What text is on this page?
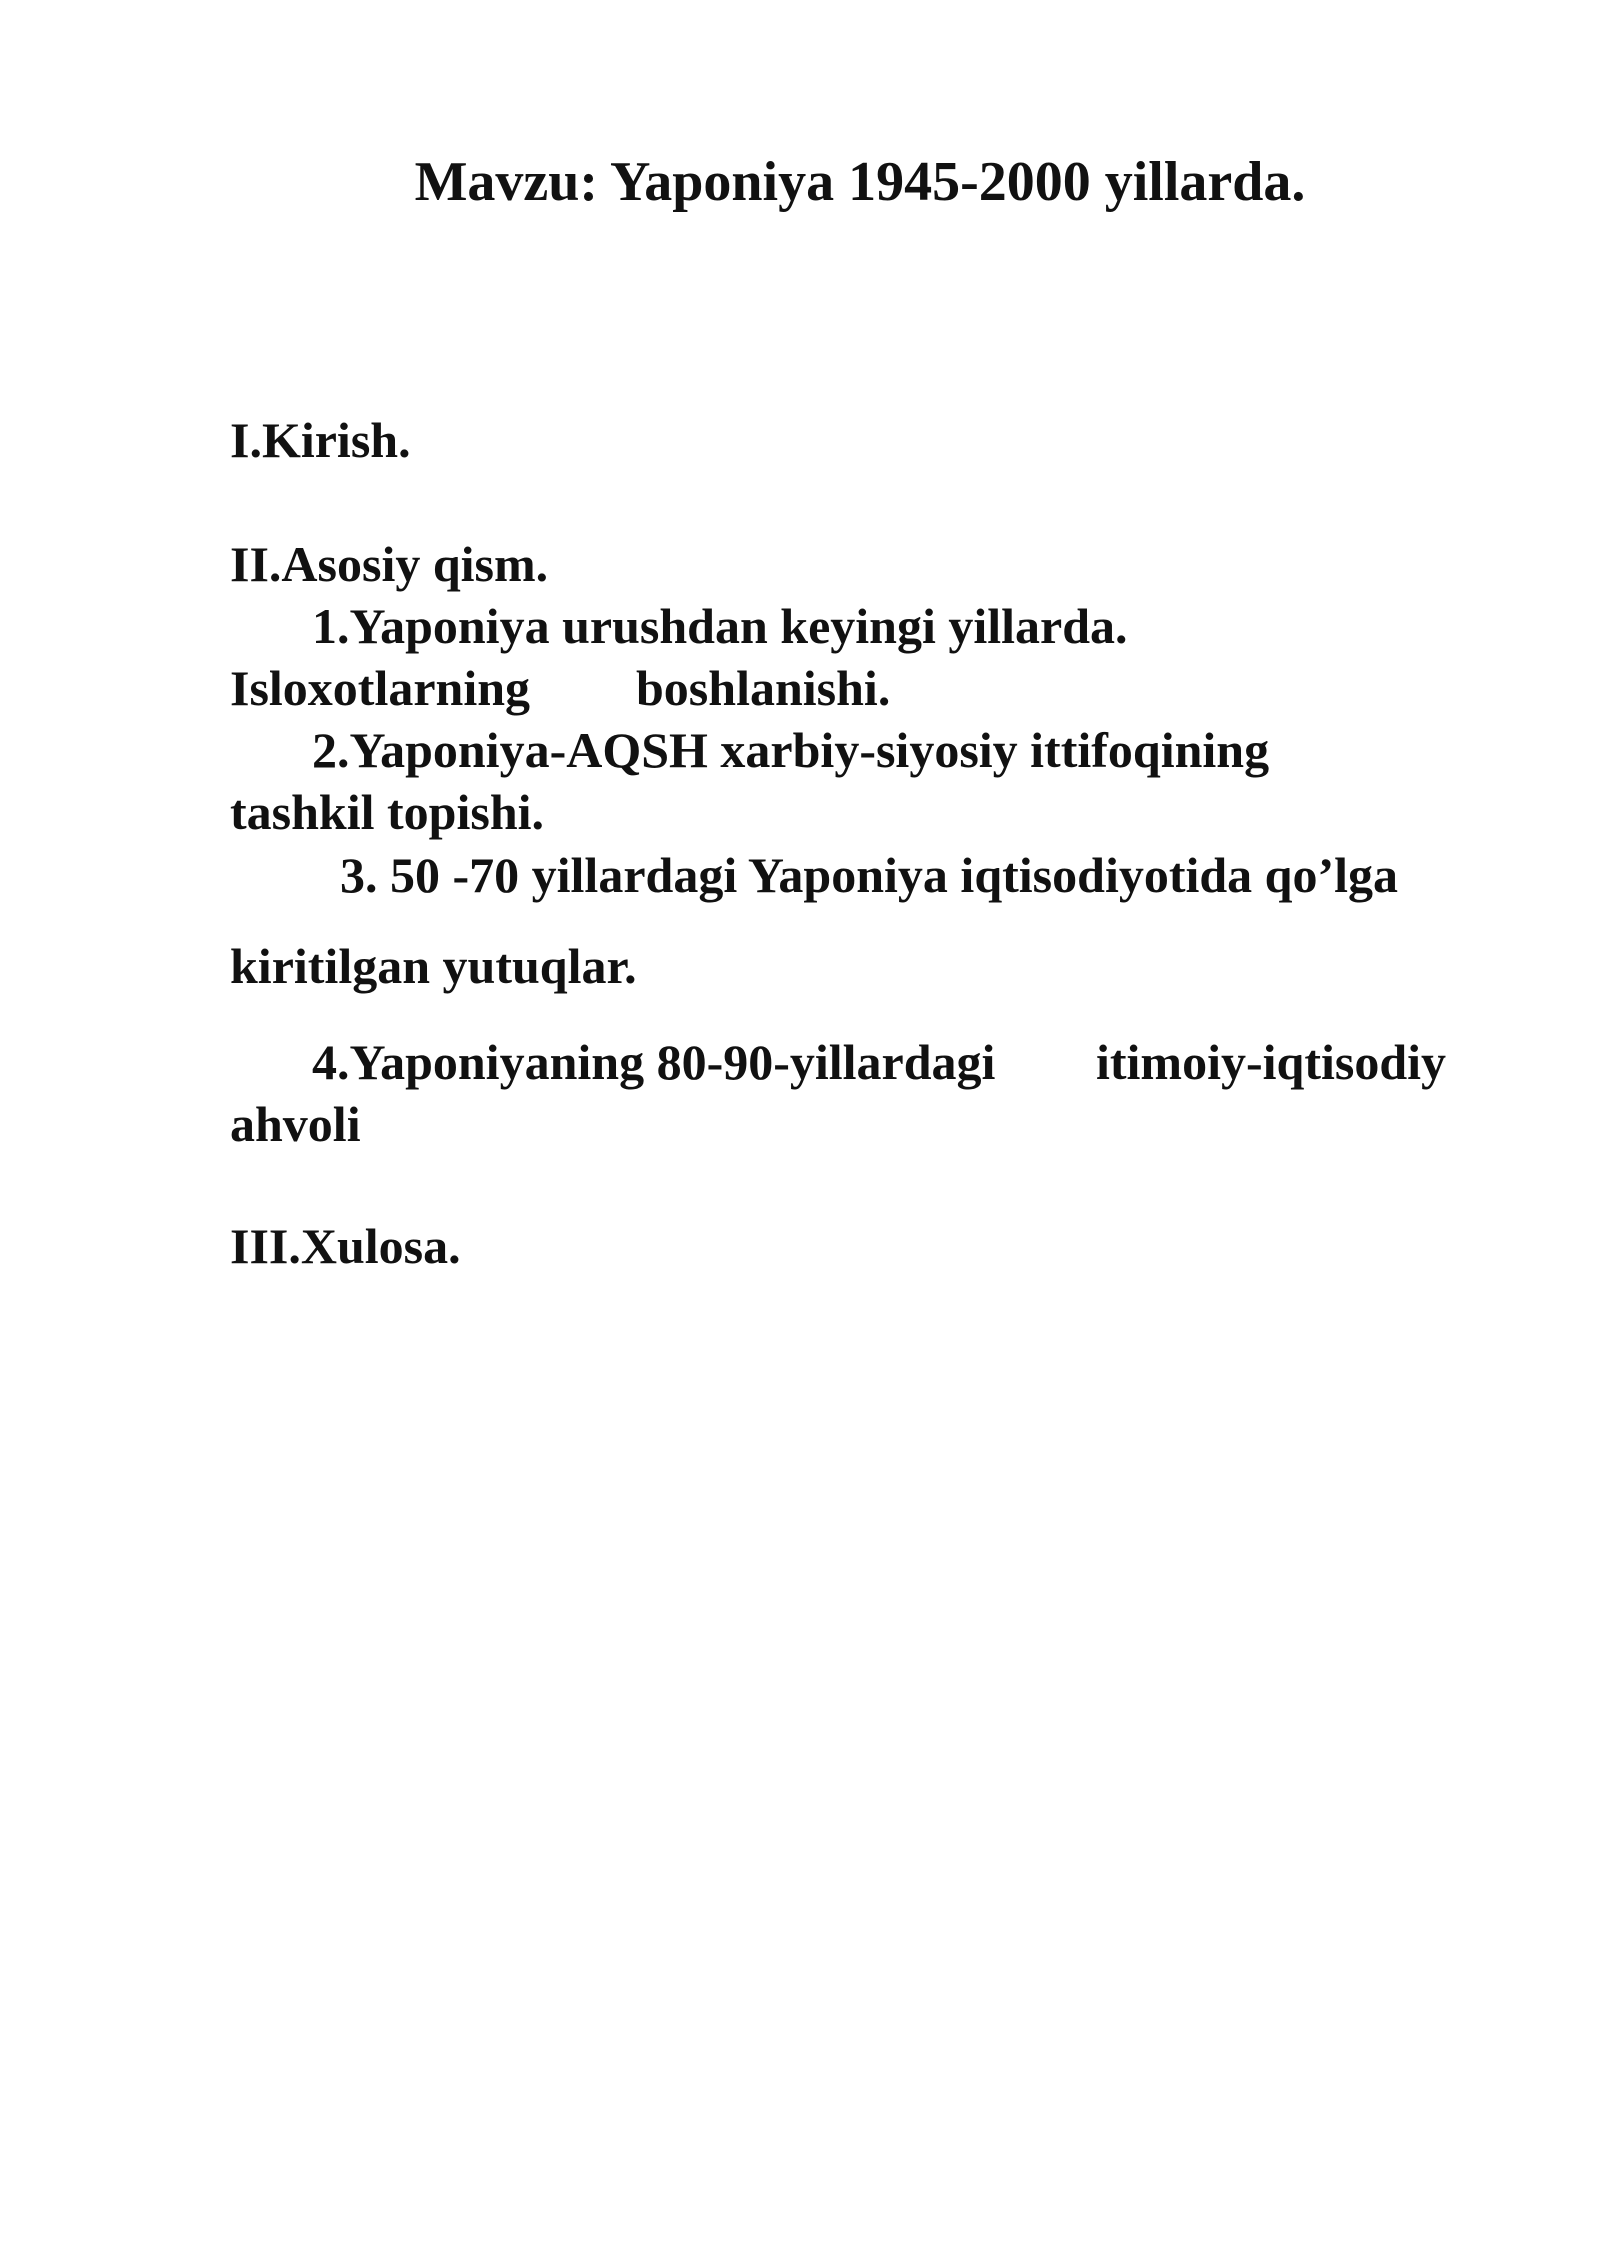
Mavzu: Yaponiya 1945-2000 yillarda.
I.Kirish.
II.Asosiy qism.
1.Yaponiya urushdan keyingi yillarda.
Isloxotlarning boshlanishi.
2.Yaponiya-AQSH xarbiy-siyosiy ittifoqining
tashkil topishi.
3. 50 -70 yillardagi Yaponiya iqtisodiyotida qo’lga
kiritilgan yutuqlar.
4.Yaponiyaning 80-90-yillardagi itimoiy-iqtisodiy
ahvoli
III.Xulosa.
